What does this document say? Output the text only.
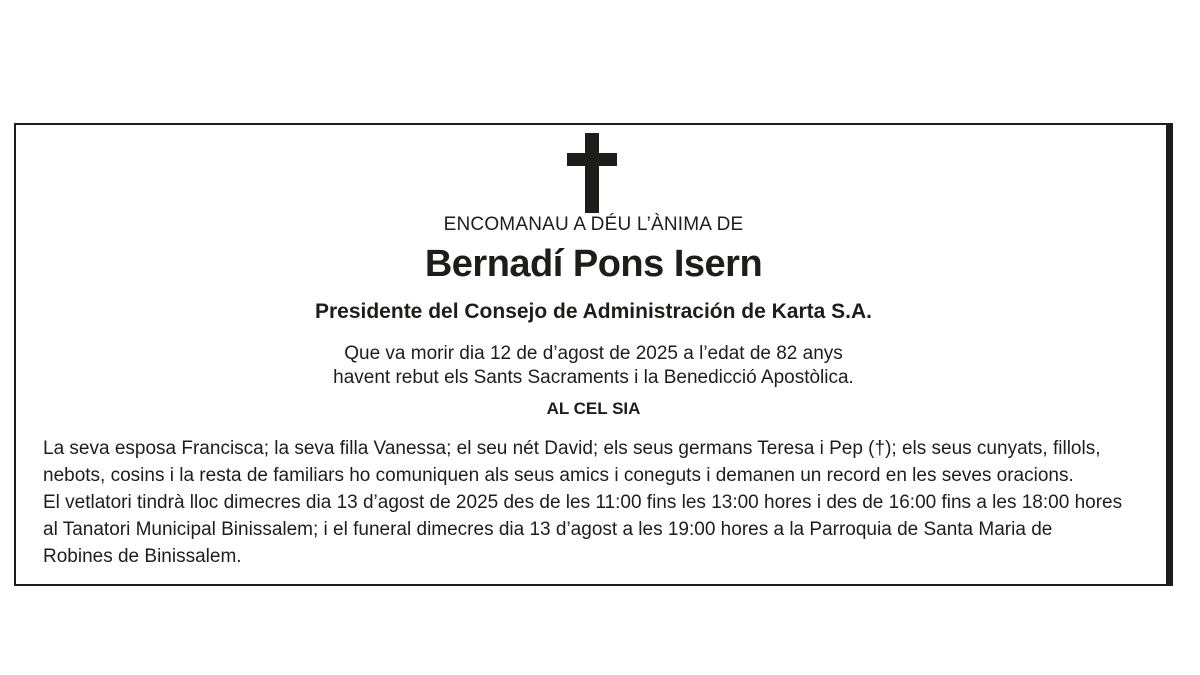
ENCOMANAU A DÉU L’ÀNIMA DE
Bernadí Pons Isern
Presidente del Consejo de Administración de Karta S.A.
Que va morir dia 12 de d’agost de 2025 a l’edat de 82 anys
havent rebut els Sants Sacraments i la Benedicció Apostòlica.
AL CEL SIA
La seva esposa Francisca; la seva filla Vanessa; el seu nét David; els seus germans Teresa i Pep (†); els seus cunyats, fillols,
nebots, cosins i la resta de familiars ho comuniquen als seus amics i coneguts i demanen un record en les seves oracions.
El vetlatori tindrà lloc dimecres dia 13 d’agost de 2025 des de les 11:00 fins les 13:00 hores i des de 16:00 fins a les 18:00 hores
al Tanatori Municipal Binissalem; i el funeral dimecres dia 13 d’agost a les 19:00 hores a la Parroquia de Santa Maria de
Robines de Binissalem.
